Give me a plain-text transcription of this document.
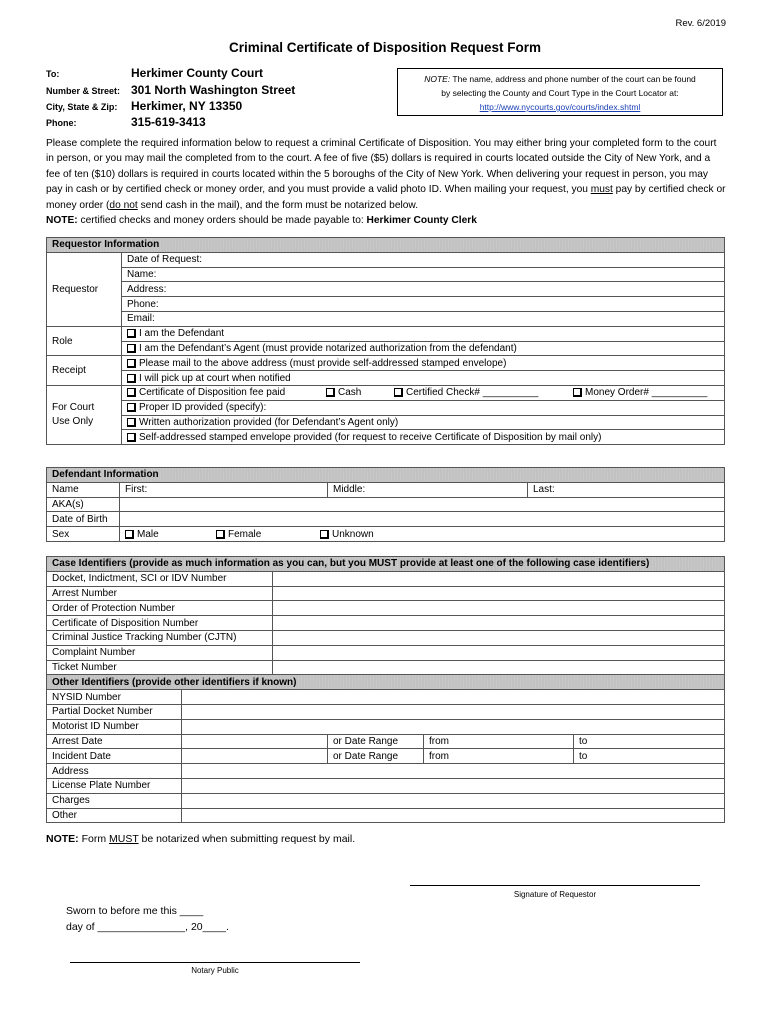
Rev. 6/2019
Criminal Certificate of Disposition Request Form
To:	Herkimer County Court
Number & Street: 301 North Washington Street
City, State & Zip: Herkimer, NY 13350
Phone:	315-619-3413
NOTE: The name, address and phone number of the court can be found
by selecting the County and Court Type in the Court Locator at:
http://www.nycourts.gov/courts/index.shtml
Please complete the required information below to request a criminal Certificate of Disposition. You may either bring your completed form to the court in person, or you may mail the completed from to the court. A fee of five ($5) dollars is required in courts located outside the City of New York, and a fee of ten ($10) dollars is required in courts located within the 5 boroughs of the City of New York. When delivering your request in person, you may pay in cash or by certified check or money order, and you must provide a valid photo ID. When mailing your request, you must pay by certified check or money order (do not send cash in the mail), and the form must be notarized below.
NOTE: certified checks and money orders should be made payable to: Herkimer County Clerk
Requestor Information	
Requestor	Date of Request:
	Name:
	Address:
	Phone:
	Email:
Role	I am the Defendant
	I am the Defendant’s Agent (must provide notarized authorization from the defendant)
Receipt	Please mail to the above address (must provide self-addressed stamped envelope)
	I will pick up at court when notified
For Court
Use Only	Certificate of Disposition fee paid Cash Certified Check# __________ Money Order# __________

	Proper ID provided (specify):
	Written authorization provided (for Defendant’s Agent only)
	Self-addressed stamped envelope provided (for request to receive Certificate of Disposition by mail only)
Defendant Information			
Name	First:	Middle:	Last:
AKA(s)			
Date of Birth			
Sex	Male Female Unknown		
Case Identifiers (provide as much information as you can, but you MUST provide at least one of the following case identifiers)					
Docket, Indictment, SCI or IDV Number					
Arrest Number					
Order of Protection Number					
Certificate of Disposition Number					
Criminal Justice Tracking Number (CJTN)					
Complaint Number					
Ticket Number					
Other Identifiers (provide other identifiers if known)					
NYSID Number					
Partial Docket Number					
Motorist ID Number					
Arrest Date			or Date Range	from	to
Incident Date			or Date Range	from	to
Address					
License Plate Number					
Charges					
Other					
NOTE: Form MUST be notarized when submitting request by mail.
Signature of Requestor
Sworn to before me this ____
day of _______________, 20____.
Notary Public
